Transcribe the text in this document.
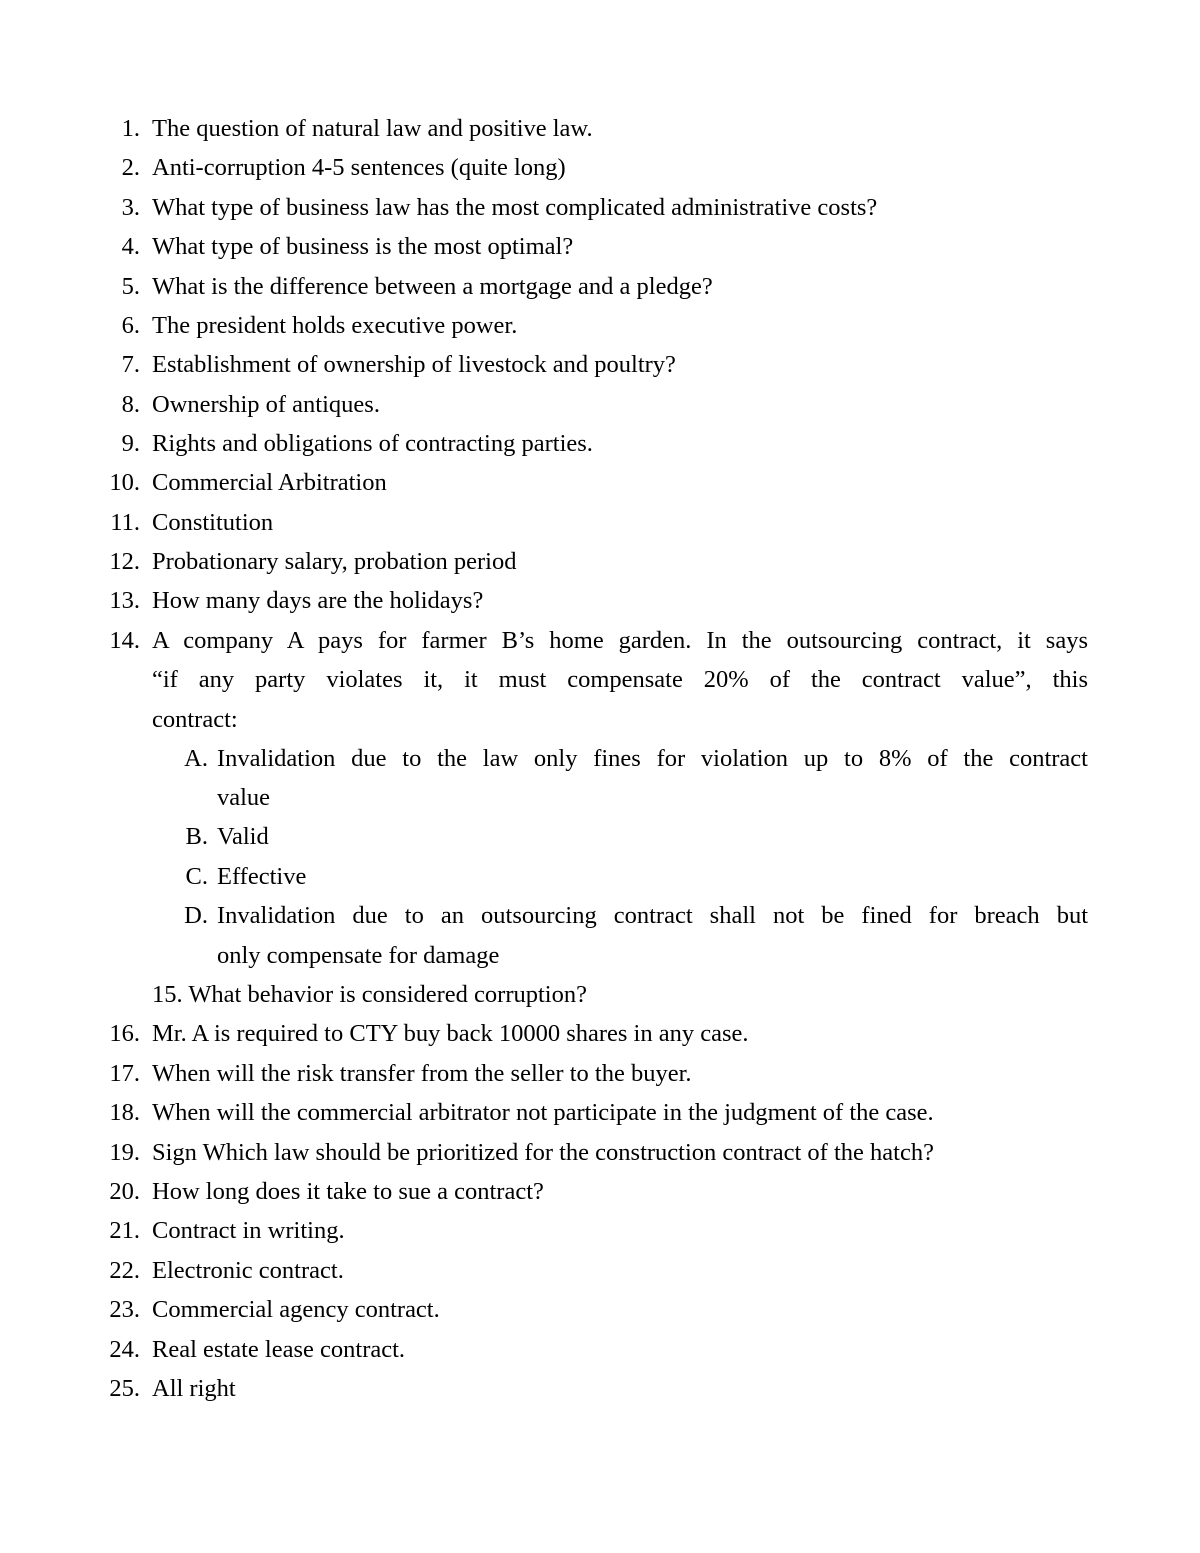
1. The question of natural law and positive law.
2. Anti-corruption 4-5 sentences (quite long)
3. What type of business law has the most complicated administrative costs?
4. What type of business is the most optimal?
5. What is the difference between a mortgage and a pledge?
6. The president holds executive power.
7. Establishment of ownership of livestock and poultry?
8. Ownership of antiques.
9. Rights and obligations of contracting parties.
10. Commercial Arbitration
11. Constitution
12. Probationary salary, probation period
13. How many days are the holidays?
14. A company A pays for farmer B’s home garden. In the outsourcing contract, it says
“if any party violates it, it must compensate 20% of the contract value”, this
contract:
A. Invalidation due to the law only fines for violation up to 8% of the contract
value
B. Valid
C. Effective
D. Invalidation due to an outsourcing contract shall not be fined for breach but
only compensate for damage
15. What behavior is considered corruption?
16. Mr. A is required to CTY buy back 10000 shares in any case.
17. When will the risk transfer from the seller to the buyer.
18. When will the commercial arbitrator not participate in the judgment of the case.
19. Sign Which law should be prioritized for the construction contract of the hatch?
20. How long does it take to sue a contract?
21. Contract in writing.
22. Electronic contract.
23. Commercial agency contract.
24. Real estate lease contract.
25. All right
